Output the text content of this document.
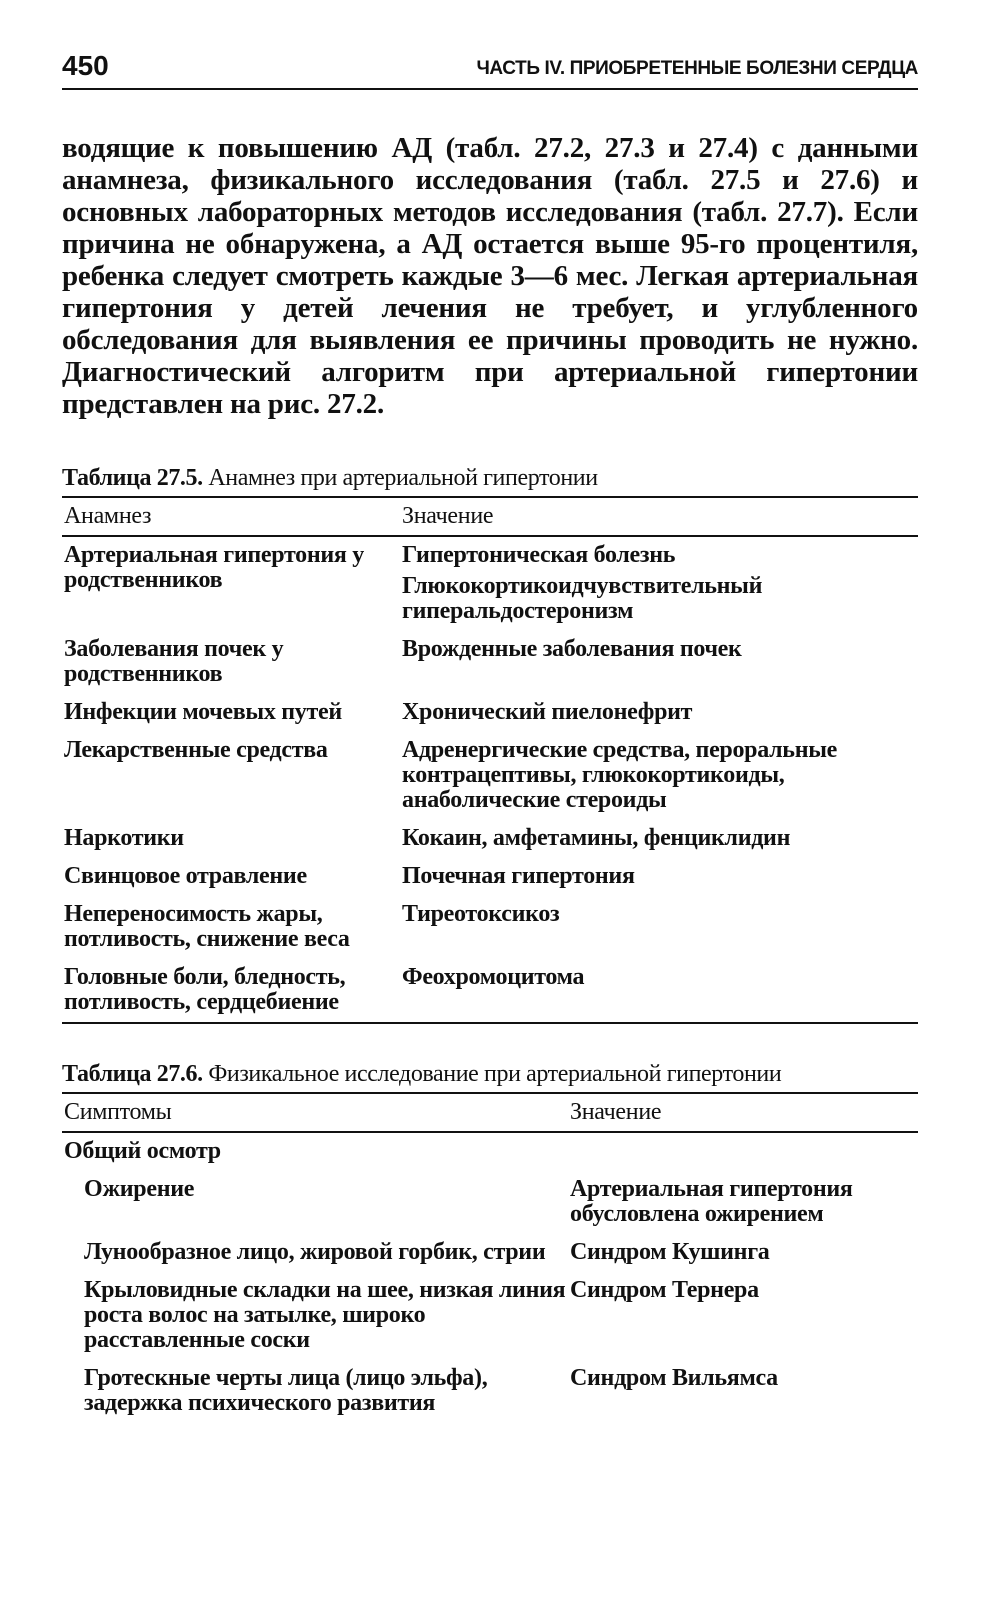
450	ЧАСТЬ IV. ПРИОБРЕТЕННЫЕ БОЛЕЗНИ СЕРДЦА

водящие к повышению АД (табл. 27.2, 27.3 и 27.4) с данными анамнеза, физикального исследования (табл. 27.5 и 27.6) и основных лабораторных методов исследования (табл. 27.7). Если причина не обнаружена, а АД остается выше 95-го процентиля, ребенка следует смотреть каждые 3—6 мес. Легкая артериальная гипертония у детей лечения не требует, и углубленного обследования для выявления ее причины проводить не нужно. Диагностический алгоритм при артериальной гипертонии представлен на рис. 27.2.

Таблица 27.5. Анамнез при артериальной гипертонии
Анамнез	Значение
Артериальная гипертония у родственников	Гипертоническая болезнь
Глюкокортикоидчувствительный гиперальдостеронизм

Заболевания почек у родственников	Врожденные заболевания почек

Инфекции мочевых путей	Хронический пиелонефрит

Лекарственные средства	Адренергические средства, пероральные контрацептивы, глюкокортикоиды, анаболические стероиды

Наркотики	Кокаин, амфетамины, фенциклидин

Свинцовое отравление	Почечная гипертония

Непереносимость жары, потливость, снижение веса	Тиреотоксикоз

Головные боли, бледность, потливость, сердцебиение	Феохромоцитома
Таблица 27.6. Физикальное исследование при артериальной гипертонии
Симптомы	Значение
Общий осмотр	
Ожирение	Артериальная гипертония обусловлена ожирением
Лунообразное лицо, жировой горбик, стрии	Синдром Кушинга
Крыловидные складки на шее, низкая линия роста волос на затылке, широко расставленные соски	Синдром Тернера
Гротескные черты лица (лицо эльфа), задержка психического развития	Синдром Вильямса
